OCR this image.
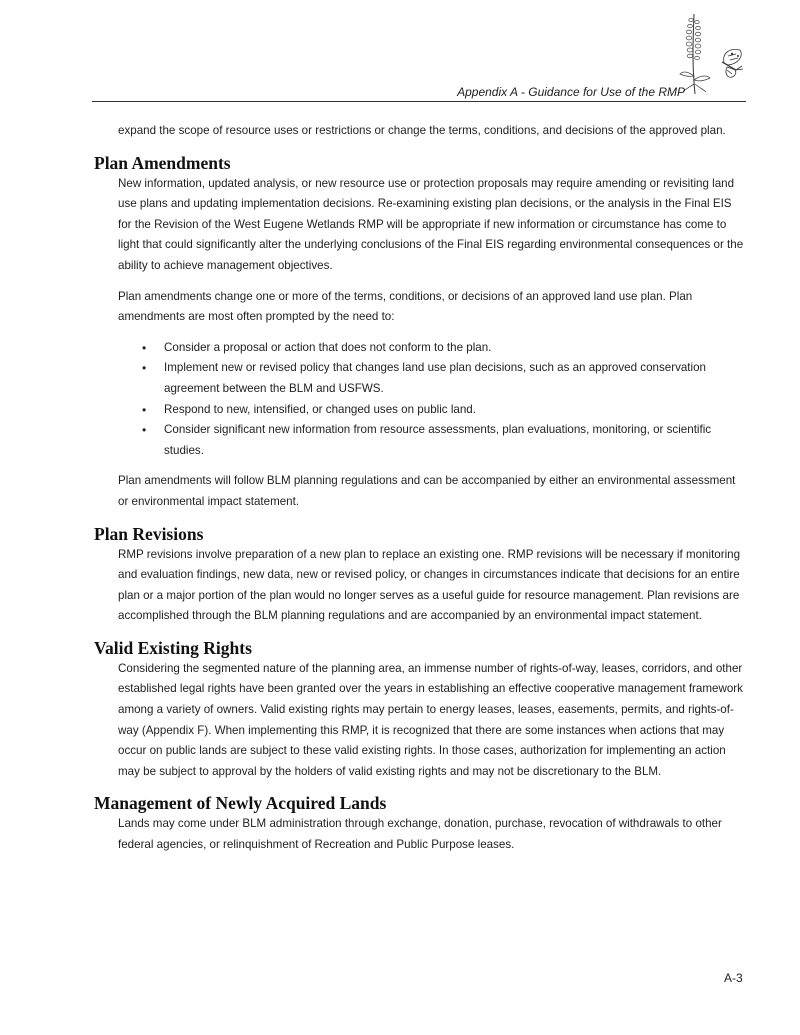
Appendix A - Guidance for Use of the RMP

expand the scope of resource uses or restrictions or change the terms, conditions, and decisions of the approved plan.

Plan Amendments

New information, updated analysis, or new resource use or protection proposals may require amending or revisiting land use plans and updating implementation decisions. Re-examining existing plan decisions, or the analysis in the Final EIS for the Revision of the West Eugene Wetlands RMP will be appropriate if new information or circumstance has come to light that could significantly alter the underlying conclusions of the Final EIS regarding environmental consequences or the ability to achieve management objectives.

Plan amendments change one or more of the terms, conditions, or decisions of an approved land use plan. Plan amendments are most often prompted by the need to:

• Consider a proposal or action that does not conform to the plan.
• Implement new or revised policy that changes land use plan decisions, such as an approved conservation agreement between the BLM and USFWS.
• Respond to new, intensified, or changed uses on public land.
• Consider significant new information from resource assessments, plan evaluations, monitoring, or scientific studies.

Plan amendments will follow BLM planning regulations and can be accompanied by either an environmental assessment or environmental impact statement.

Plan Revisions

RMP revisions involve preparation of a new plan to replace an existing one. RMP revisions will be necessary if monitoring and evaluation findings, new data, new or revised policy, or changes in circumstances indicate that decisions for an entire plan or a major portion of the plan would no longer serves as a useful guide for resource management. Plan revisions are accomplished through the BLM planning regulations and are accompanied by an environmental impact statement.

Valid Existing Rights

Considering the segmented nature of the planning area, an immense number of rights-of-way, leases, corridors, and other established legal rights have been granted over the years in establishing an effective cooperative management framework among a variety of owners. Valid existing rights may pertain to energy leases, leases, easements, permits, and rights-of-way (Appendix F). When implementing this RMP, it is recognized that there are some instances when actions that may occur on public lands are subject to these valid existing rights. In those cases, authorization for implementing an action may be subject to approval by the holders of valid existing rights and may not be discretionary to the BLM.

Management of Newly Acquired Lands

Lands may come under BLM administration through exchange, donation, purchase, revocation of withdrawals to other federal agencies, or relinquishment of Recreation and Public Purpose leases.

A-3
